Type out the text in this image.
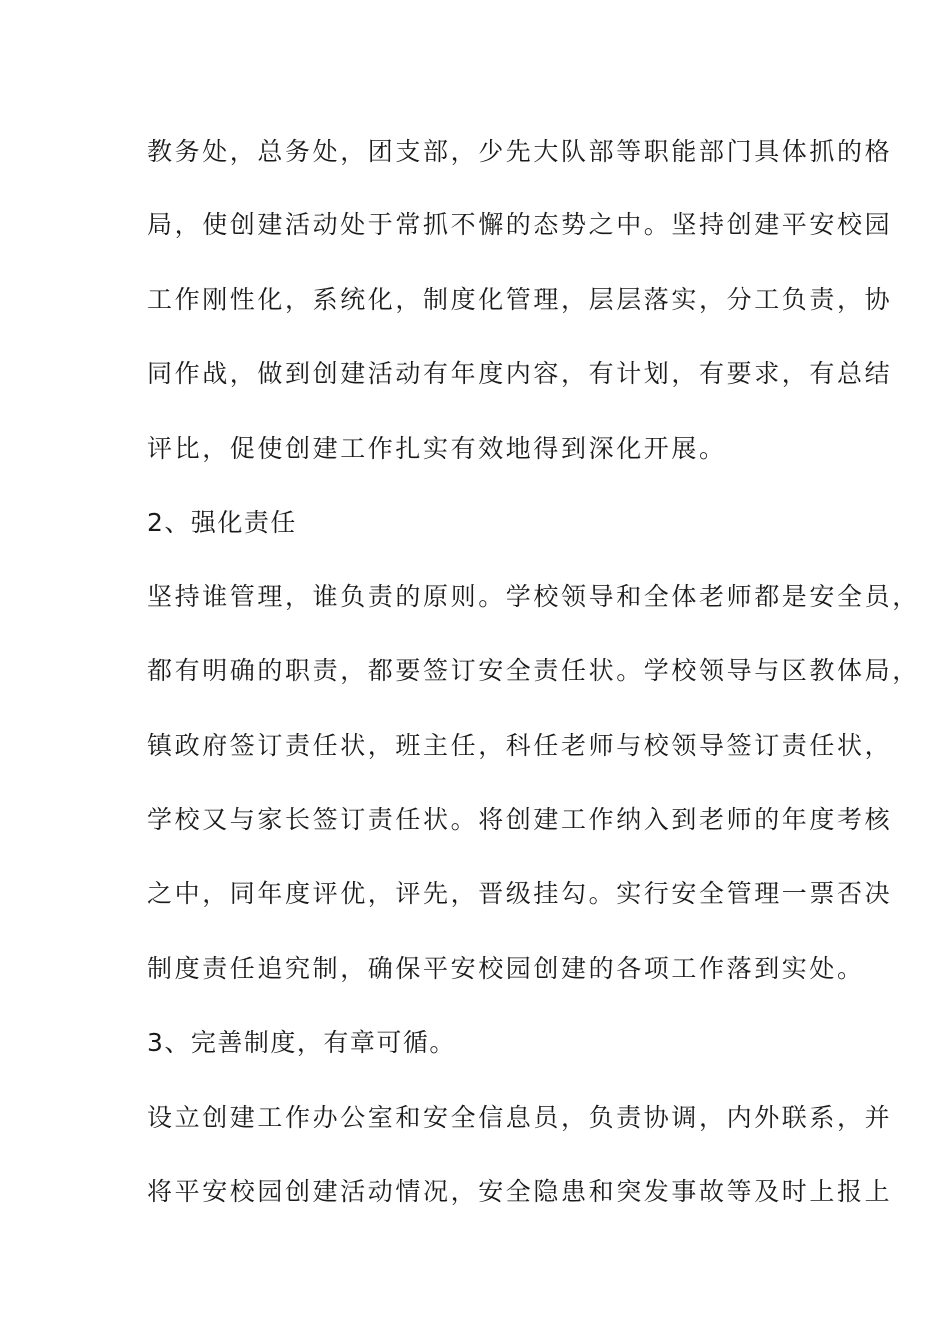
教务处，总务处，团支部，少先大队部等职能部门具体抓的格
局，使创建活动处于常抓不懈的态势之中。坚持创建平安校园
工作刚性化，系统化，制度化管理，层层落实，分工负责，协
同作战，做到创建活动有年度内容，有计划，有要求，有总结
评比，促使创建工作扎实有效地得到深化开展。
2、强化责任
坚持谁管理，谁负责的原则。学校领导和全体老师都是安全员，
都有明确的职责，都要签订安全责任状。学校领导与区教体局，
镇政府签订责任状，班主任，科任老师与校领导签订责任状，
学校又与家长签订责任状。将创建工作纳入到老师的年度考核
之中，同年度评优，评先，晋级挂勾。实行安全管理一票否决
制度责任追究制，确保平安校园创建的各项工作落到实处。
3、完善制度，有章可循。
设立创建工作办公室和安全信息员，负责协调，内外联系，并
将平安校园创建活动情况，安全隐患和突发事故等及时上报上
